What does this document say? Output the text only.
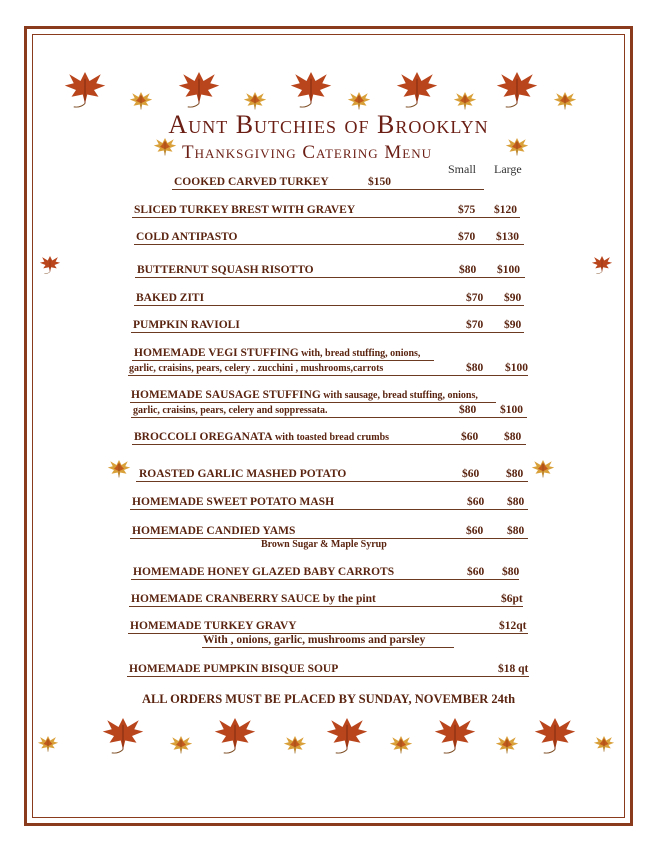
Aunt Butchies of Brooklyn
Thanksgiving Catering Menu
Small Large
COOKED CARVED TURKEY	$150
SLICED TURKEY BREST WITH GRAVEY	$75 $120
COLD ANTIPASTO	$70 $130
BUTTERNUT SQUASH RISOTTO	$80 $100
BAKED ZITI	$70 $90
PUMPKIN RAVIOLI	$70 $90
HOMEMADE VEGI STUFFING with, bread stuffing, onions,
garlic, craisins, pears, celery . zucchini , mushrooms,carrots	$80 $100
HOMEMADE SAUSAGE STUFFING with sausage, bread stuffing, onions,
garlic, craisins, pears, celery and soppressata.	$80 $100
BROCCOLI OREGANATA with toasted bread crumbs	$60 $80
ROASTED GARLIC MASHED POTATO	$60 $80
HOMEMADE SWEET POTATO MASH	$60 $80
HOMEMADE CANDIED YAMS	$60 $80
Brown Sugar & Maple Syrup
HOMEMADE HONEY GLAZED BABY CARROTS	$60 $80
HOMEMADE CRANBERRY SAUCE by the pint	$6pt
HOMEMADE TURKEY GRAVY	$12qt
With , onions, garlic, mushrooms and parsley
HOMEMADE PUMPKIN BISQUE SOUP	$18 qt
ALL ORDERS MUST BE PLACED BY SUNDAY, NOVEMBER 24th
